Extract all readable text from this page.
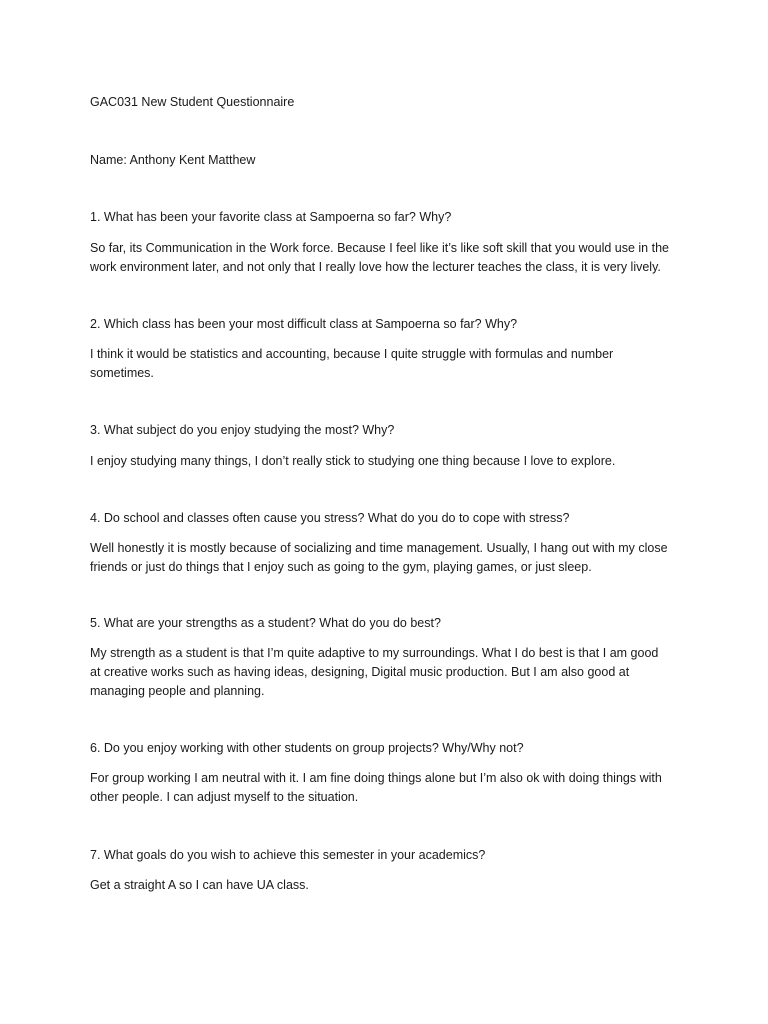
GAC031 New Student Questionnaire
Name: Anthony Kent Matthew
1. What has been your favorite class at Sampoerna so far? Why?
So far, its Communication in the Work force. Because I feel like it’s like soft skill that you would use in the
work environment later, and not only that I really love how the lecturer teaches the class, it is very lively.
2. Which class has been your most difficult class at Sampoerna so far? Why?
I think it would be statistics and accounting, because I quite struggle with formulas and number
sometimes.
3. What subject do you enjoy studying the most? Why?
I enjoy studying many things, I don’t really stick to studying one thing because I love to explore.
4. Do school and classes often cause you stress? What do you do to cope with stress?
Well honestly it is mostly because of socializing and time management. Usually, I hang out with my close
friends or just do things that I enjoy such as going to the gym, playing games, or just sleep.
5. What are your strengths as a student? What do you do best?
My strength as a student is that I’m quite adaptive to my surroundings. What I do best is that I am good
at creative works such as having ideas, designing, Digital music production. But I am also good at
managing people and planning.
6. Do you enjoy working with other students on group projects? Why/Why not?
For group working I am neutral with it. I am fine doing things alone but I’m also ok with doing things with
other people. I can adjust myself to the situation.
7. What goals do you wish to achieve this semester in your academics?
Get a straight A so I can have UA class.
